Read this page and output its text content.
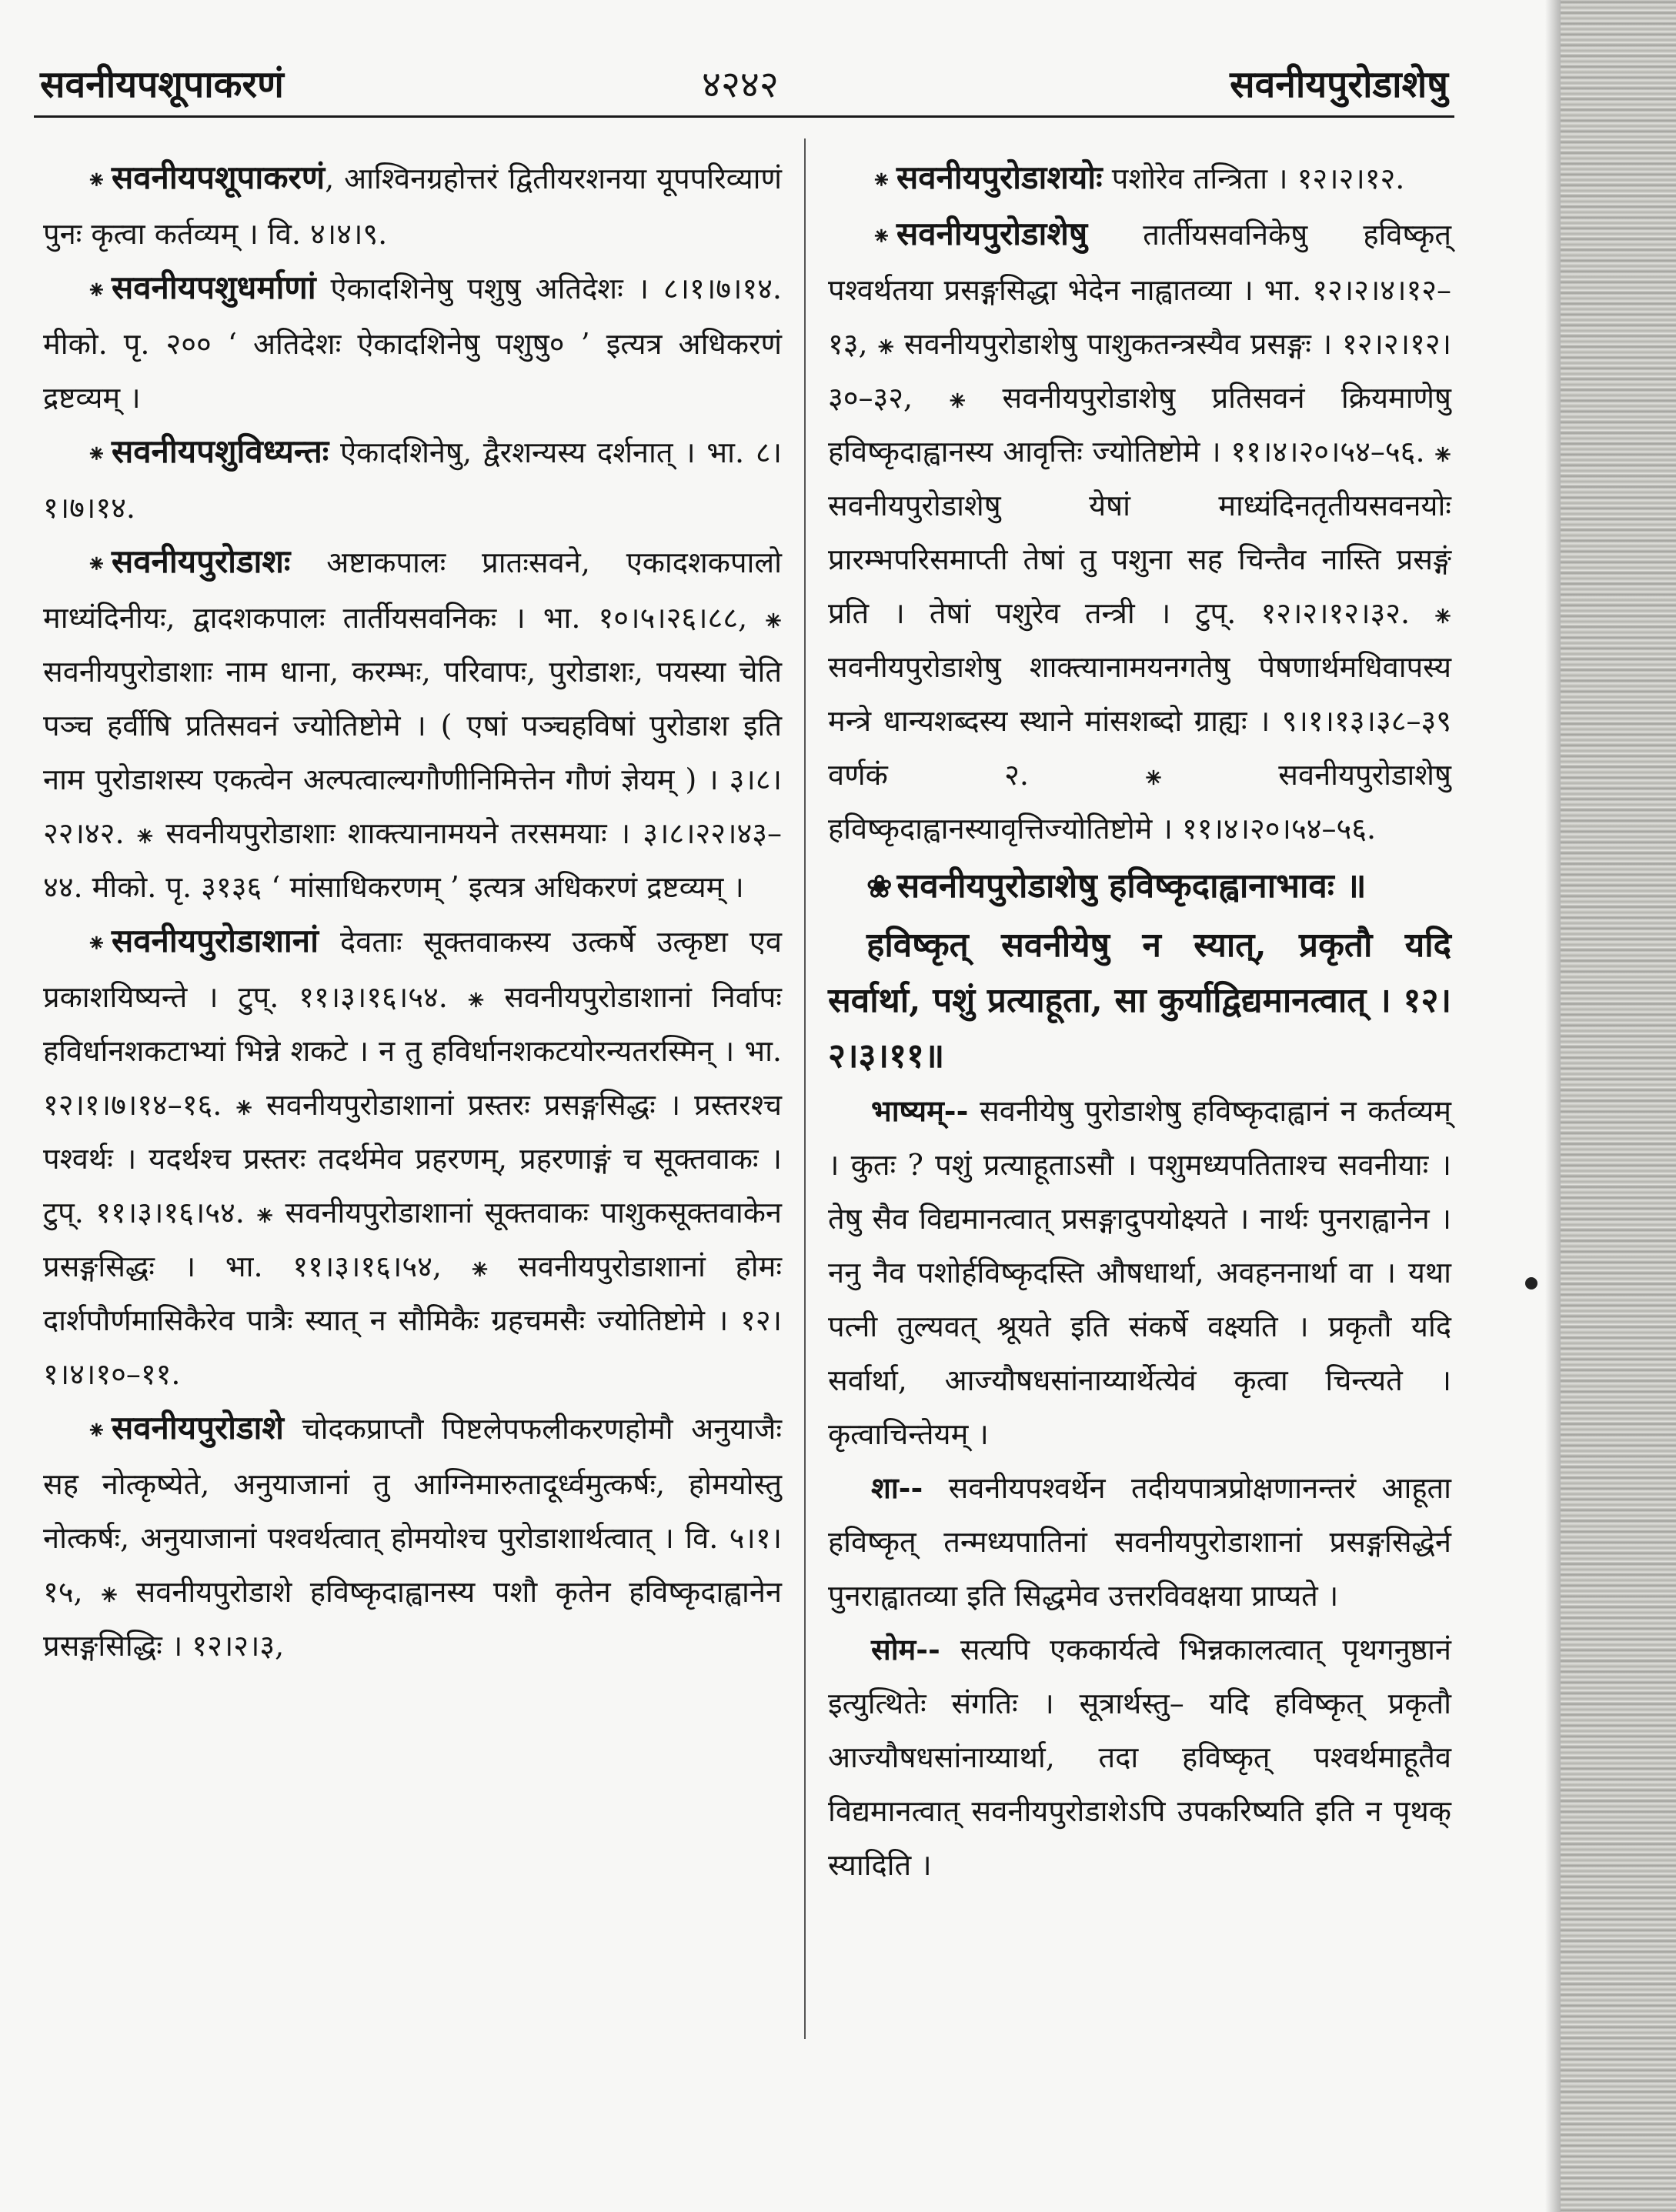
सवनीयपशूपाकरणं	४२४२	सवनीयपुरोडाशेषु

⁕ सवनीयपशूपाकरणं, आश्विनग्रहोत्तरं द्वितीयरशनया यूपपरिव्याणं पुनः कृत्वा कर्तव्यम् । वि. ४।४।९.

⁕ सवनीयपशुधर्माणां ऐकादशिनेषु पशुषु अतिदेशः । ८।१।७।१४. मीको. पृ. २०० ‘ अतिदेशः ऐकादशिनेषु पशुषु० ’ इत्यत्र अधिकरणं द्रष्टव्यम् ।

⁕ सवनीयपशुविध्यन्तः ऐकादशिनेषु, द्वैरशन्यस्य दर्शनात् । भा. ८।१।७।१४.

⁕ सवनीयपुरोडाशः अष्टाकपालः प्रातःसवने, एकादशकपालो माध्यंदिनीयः, द्वादशकपालः तार्तीयसवनिकः । भा. १०।५।२६।८८, ⁕ सवनीयपुरोडाशाः नाम धाना, करम्भः, परिवापः, पुरोडाशः, पयस्या चेति पञ्च हर्वीषि प्रतिसवनं ज्योतिष्टोमे । ( एषां पञ्चहविषां पुरोडाश इति नाम पुरोडाशस्य एकत्वेन अल्पत्वाल्यगौणीनिमित्तेन गौणं ज्ञेयम् ) । ३।८।२२।४२. ⁕ सवनीयपुरोडाशाः शाक्त्यानामयने तरसमयाः । ३।८।२२।४३–४४. मीको. पृ. ३१३६ ‘ मांसाधिकरणम् ’ इत्यत्र अधिकरणं द्रष्टव्यम् ।

⁕ सवनीयपुरोडाशानां देवताः सूक्तवाकस्य उत्कर्षे उत्कृष्टा एव प्रकाशयिष्यन्ते । टुप्. ११।३।१६।५४. ⁕ सवनीयपुरोडाशानां निर्वापः हविर्धानशकटाभ्यां भिन्ने शकटे । न तु हविर्धानशकटयोरन्यतरस्मिन् । भा. १२।१।७।१४–१६. ⁕ सवनीयपुरोडाशानां प्रस्तरः प्रसङ्गसिद्धः । प्रस्तरश्च पश्वर्थः । यदर्थश्च प्रस्तरः तदर्थमेव प्रहरणम्, प्रहरणाङ्गं च सूक्तवाकः । टुप्. ११।३।१६।५४. ⁕ सवनीयपुरोडाशानां सूक्तवाकः पाशुकसूक्तवाकेन प्रसङ्गसिद्धः । भा. ११।३।१६।५४, ⁕ सवनीयपुरोडाशानां होमः दार्शपौर्णमासिकैरेव पात्रैः स्यात् न सौमिकैः ग्रहचमसैः ज्योतिष्टोमे । १२।१।४।१०–११.

⁕ सवनीयपुरोडाशे चोदकप्राप्तौ पिष्टलेपफलीकरणहोमौ अनुयाजैः सह नोत्कृष्येते, अनुयाजानां तु आग्निमारुतादूर्ध्वमुत्कर्षः, होमयोस्तु नोत्कर्षः, अनुयाजानां पश्वर्थत्वात् होमयोश्च पुरोडाशार्थत्वात् । वि. ५।१।१५, ⁕ सवनीयपुरोडाशे हविष्कृदाह्वानस्य पशौ कृतेन हविष्कृदाह्वानेन प्रसङ्गसिद्धिः । १२।२।३,

⁕ सवनीयपुरोडाशयोः पशोरेव तन्त्रिता । १२।२।१२.

⁕ सवनीयपुरोडाशेषु तार्तीयसवनिकेषु हविष्कृत् पश्वर्थतया प्रसङ्गसिद्धा भेदेन नाह्वातव्या । भा. १२।२।४।१२–१३, ⁕ सवनीयपुरोडाशेषु पाशुकतन्त्रस्यैव प्रसङ्गः । १२।२।१२।३०–३२, ⁕ सवनीयपुरोडाशेषु प्रतिसवनं क्रियमाणेषु हविष्कृदाह्वानस्य आवृत्तिः ज्योतिष्टोमे । ११।४।२०।५४–५६. ⁕ सवनीयपुरोडाशेषु येषां माध्यंदिनतृतीयसवनयोः प्रारम्भपरिसमाप्ती तेषां तु पशुना सह चिन्तैव नास्ति प्रसङ्गं प्रति । तेषां पशुरेव तन्त्री । टुप्. १२।२।१२।३२. ⁕ सवनीयपुरोडाशेषु शाक्त्यानामयनगतेषु पेषणार्थमधिवापस्य मन्त्रे धान्यशब्दस्य स्थाने मांसशब्दो ग्राह्यः । ९।१।१३।३८–३९ वर्णकं २. ⁕ सवनीयपुरोडाशेषु हविष्कृदाह्वानस्यावृत्तिज्योतिष्टोमे । ११।४।२०।५४–५६.

❀ सवनीयपुरोडाशेषु हविष्कृदाह्वानाभावः ॥

हविष्कृत् सवनीयेषु न स्यात्, प्रकृतौ यदि सर्वार्था, पशुं प्रत्याहूता, सा कुर्याद्विद्यमानत्वात् । १२।२।३।११॥

भाष्यम्-- सवनीयेषु पुरोडाशेषु हविष्कृदाह्वानं न कर्तव्यम् । कुतः ? पशुं प्रत्याहूताऽसौ । पशुमध्यपतिताश्च सवनीयाः । तेषु सैव विद्यमानत्वात् प्रसङ्गादुपयोक्ष्यते । नार्थः पुनराह्वानेन । ननु नैव पशोर्हविष्कृदस्ति औषधार्था, अवहननार्था वा । यथा पत्नी तुल्यवत् श्रूयते इति संकर्षे वक्ष्यति । प्रकृतौ यदि सर्वार्था, आज्यौषधसांनाय्यार्थेत्येवं कृत्वा चिन्त्यते । कृत्वाचिन्तेयम् ।

शा-- सवनीयपश्वर्थेन तदीयपात्रप्रोक्षणानन्तरं आहूता हविष्कृत् तन्मध्यपातिनां सवनीयपुरोडाशानां प्रसङ्गसिद्धेर्न पुनराह्वातव्या इति सिद्धमेव उत्तरविवक्षया प्राप्यते ।

सोम-- सत्यपि एककार्यत्वे भिन्नकालत्वात् पृथगनुष्ठानं इत्युत्थितेः संगतिः । सूत्रार्थस्तु– यदि हविष्कृत् प्रकृतौ आज्यौषधसांनाय्यार्था, तदा हविष्कृत् पश्वर्थमाहूतैव विद्यमानत्वात् सवनीयपुरोडाशेऽपि उपकरिष्यति इति न पृथक् स्यादिति ।
